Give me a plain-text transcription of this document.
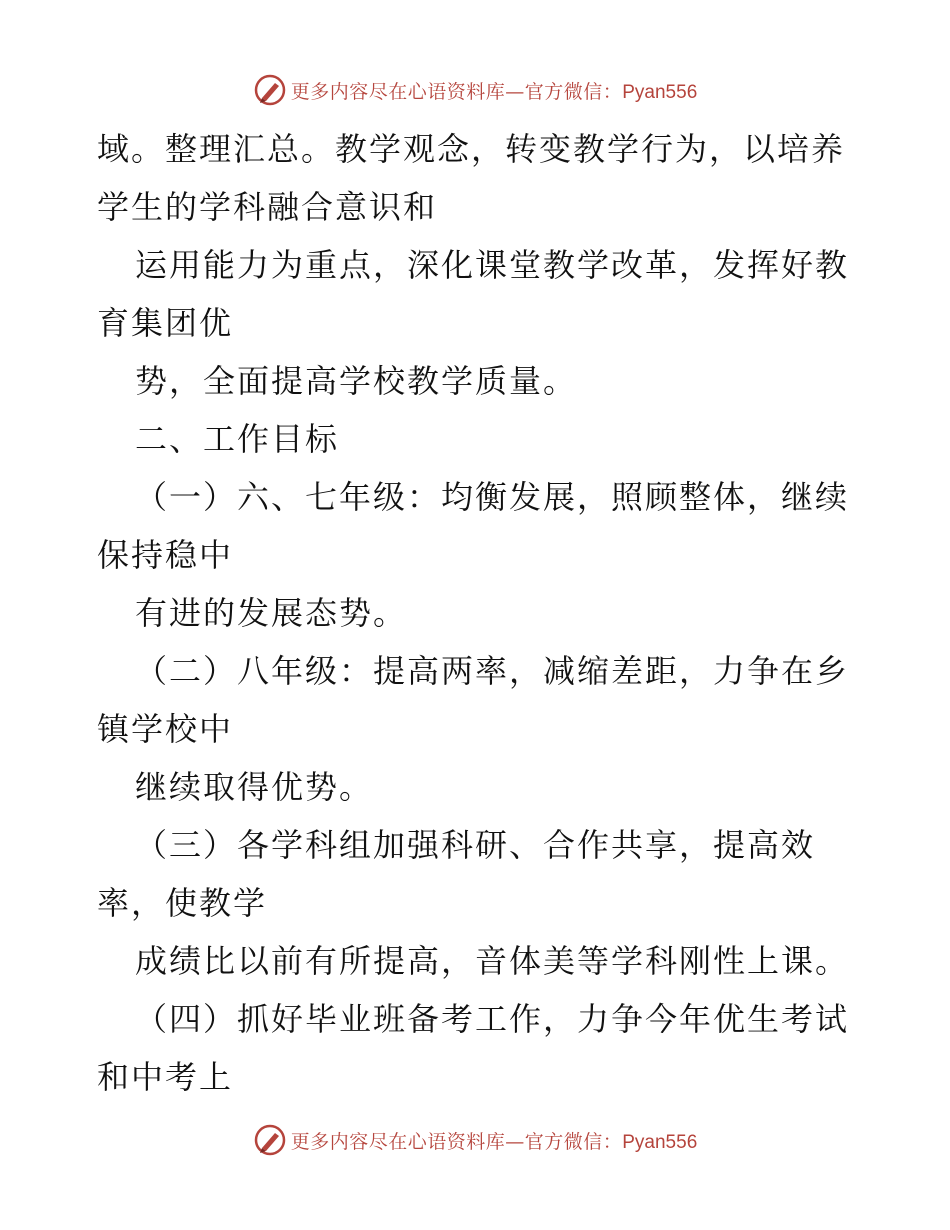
更多内容尽在心语资料库—官方微信：Pyan556
域。整理汇总。教学观念，转变教学行为，以培养
学生的学科融合意识和
运用能力为重点，深化课堂教学改革，发挥好教
育集团优
势，全面提高学校教学质量。
二、工作目标
（一）六、七年级：均衡发展，照顾整体，继续
保持稳中
有进的发展态势。
（二）八年级：提高两率，减缩差距，力争在乡
镇学校中
继续取得优势。
（三）各学科组加强科研、合作共享，提高效
率，使教学
成绩比以前有所提高，音体美等学科刚性上课。
（四）抓好毕业班备考工作，力争今年优生考试
和中考上
更多内容尽在心语资料库—官方微信：Pyan556
